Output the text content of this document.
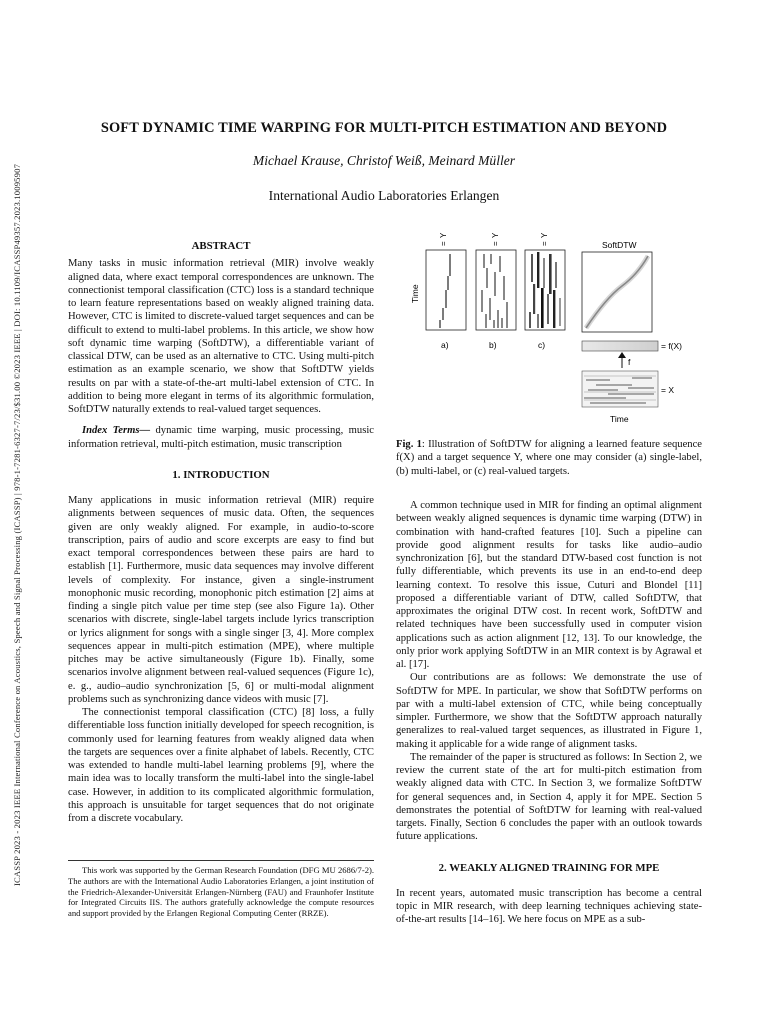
ICASSP 2023 - 2023 IEEE International Conference on Acoustics, Speech and Signal Processing (ICASSP) | 978-1-7281-6327-7/23/$31.00 ©2023 IEEE | DOI: 10.1109/ICASSP49357.2023.10095907
SOFT DYNAMIC TIME WARPING FOR MULTI-PITCH ESTIMATION AND BEYOND
Michael Krause, Christof Weiß, Meinard Müller
International Audio Laboratories Erlangen
ABSTRACT

Many tasks in music information retrieval (MIR) involve weakly aligned data, where exact temporal correspondences are unknown. The connectionist temporal classification (CTC) loss is a standard technique to learn feature representations based on weakly aligned training data. However, CTC is limited to discrete-valued target sequences and can be difficult to extend to multi-label problems. In this article, we show how soft dynamic time warping (SoftDTW), a differentiable variant of classical DTW, can be used as an alternative to CTC. Using multi-pitch estimation as an example scenario, we show that SoftDTW yields results on par with a state-of-the-art multi-label extension of CTC. In addition to being more elegant in terms of its algorithmic formulation, SoftDTW naturally extends to real-valued target sequences.

Index Terms— dynamic time warping, music processing, music information retrieval, multi-pitch estimation, music transcription

1. INTRODUCTION

Many applications in music information retrieval (MIR) require alignments between sequences of music data. Often, the sequences given are only weakly aligned. For example, in audio-to-score transcription, pairs of audio and score excerpts are easy to find but exact temporal correspondences between these pairs are hard to establish [1]. Furthermore, music data sequences may involve different levels of complexity. For instance, given a single-instrument monophonic music recording, monophonic pitch estimation [2] aims at finding a single pitch value per time step (see also Figure 1a). Other scenarios with discrete, single-label targets include lyrics transcription or lyrics alignment for songs with a single singer [3, 4]. More complex sequences appear in multi-pitch estimation (MPE), where multiple pitches may be active simultaneously (Figure 1b). Finally, some scenarios involve alignment between real-valued sequences (Figure 1c), e. g., audio–audio synchronization [5, 6] or multi-modal alignment problems such as synchronizing dance videos with music [7].

The connectionist temporal classification (CTC) [8] loss, a fully differentiable loss function initially developed for speech recognition, is commonly used for learning features from weakly aligned data when the targets are sequences over a finite alphabet of labels. Recently, CTC was extended to handle multi-label learning problems [9], where the main idea was to locally transform the multi-label into the single-label case. However, in addition to its complicated algorithmic formulation, this approach is unsuitable for target sequences that do not originate from a discrete vocabulary.

This work was supported by the German Research Foundation (DFG MU 2686/7-2). The authors are with the International Audio Laboratories Erlangen, a joint institution of the Friedrich-Alexander-Universität Erlangen-Nürnberg (FAU) and Fraunhofer Institute for Integrated Circuits IIS. The authors gratefully acknowledge the compute resources and support provided by the Erlangen Regional Computing Center (RRZE).

=
Y
=
Y
=
Y
Time
a)	b)	c)
SoftDTW
= f(X)
f
= X
Time
Fig. 1: Illustration of SoftDTW for aligning a learned feature sequence f(X) and a target sequence Y, where one may consider (a) single-label, (b) multi-label, or (c) real-valued targets.

A common technique used in MIR for finding an optimal alignment between weakly aligned sequences is dynamic time warping (DTW) in combination with hand-crafted features [10]. Such a pipeline can provide good alignment results for tasks like audio–audio synchronization [6], but the standard DTW-based cost function is not fully differentiable, which prevents its use in an end-to-end deep learning context. To resolve this issue, Cuturi and Blondel [11] proposed a differentiable variant of DTW, called SoftDTW, that approximates the original DTW cost. In recent work, SoftDTW and related techniques have been successfully used in computer vision applications such as action alignment [12, 13]. To our knowledge, the only prior work applying SoftDTW in an MIR context is by Agrawal et al. [17].

Our contributions are as follows: We demonstrate the use of SoftDTW for MPE. In particular, we show that SoftDTW performs on par with a multi-label extension of CTC, while being conceptually simpler. Furthermore, we show that the SoftDTW approach naturally generalizes to real-valued target sequences, as illustrated in Figure 1, making it applicable for a wide range of alignment tasks.

The remainder of the paper is structured as follows: In Section 2, we review the current state of the art for multi-pitch estimation from weakly aligned data with CTC. In Section 3, we formalize SoftDTW for general sequences and, in Section 4, apply it for MPE. Section 5 demonstrates the potential of SoftDTW for learning with real-valued targets. Finally, Section 6 concludes the paper with an outlook towards future applications.

2. WEAKLY ALIGNED TRAINING FOR MPE

In recent years, automated music transcription has become a central topic in MIR research, with deep learning techniques achieving state-of-the-art results [14–16]. We here focus on MPE as a sub-
